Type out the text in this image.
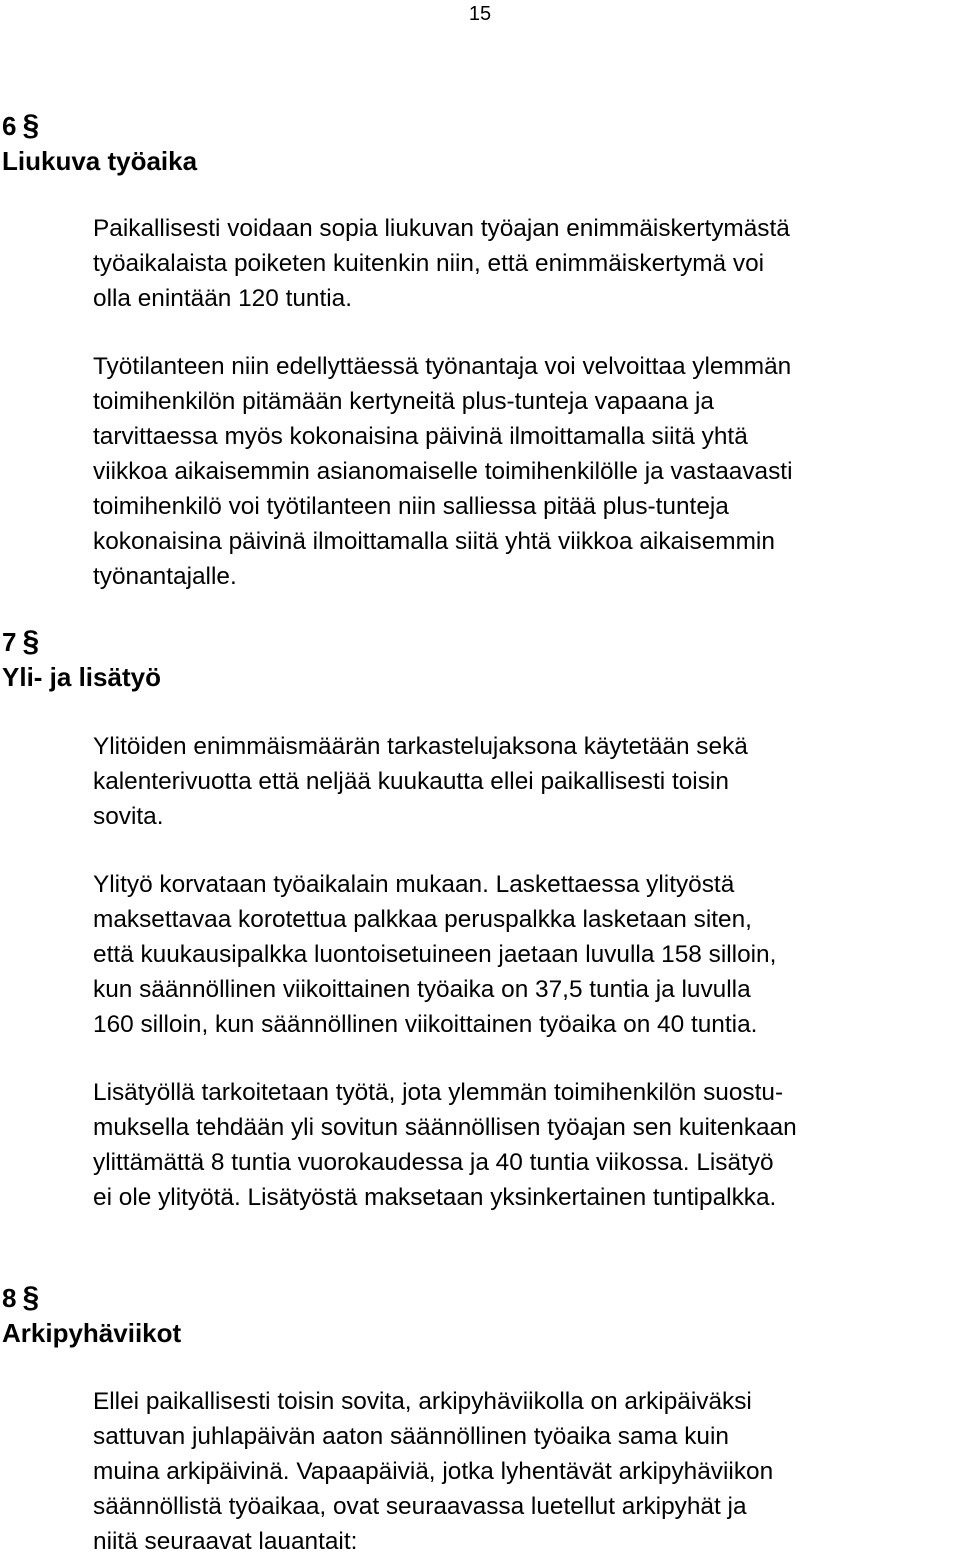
15
6 §
Liukuva työaika
Paikallisesti voidaan sopia liukuvan työajan enimmäiskertymästä
työaikalaista poiketen kuitenkin niin, että enimmäiskertymä voi
olla enintään 120 tuntia.
Työtilanteen niin edellyttäessä työnantaja voi velvoittaa ylemmän
toimihenkilön pitämään kertyneitä plus-tunteja vapaana ja
tarvittaessa myös kokonaisina päivinä ilmoittamalla siitä yhtä
viikkoa aikaisemmin asianomaiselle toimihenkilölle ja vastaavasti
toimihenkilö voi työtilanteen niin salliessa pitää plus-tunteja
kokonaisina päivinä ilmoittamalla siitä yhtä viikkoa aikaisemmin
työnantajalle.
7 §
Yli- ja lisätyö
Ylitöiden enimmäismäärän tarkastelujaksona käytetään sekä
kalenterivuotta että neljää kuukautta ellei paikallisesti toisin
sovita.
Ylityö korvataan työaikalain mukaan. Laskettaessa ylityöstä
maksettavaa korotettua palkkaa peruspalkka lasketaan siten,
että kuukausipalkka luontoisetuineen jaetaan luvulla 158 silloin,
kun säännöllinen viikoittainen työaika on 37,5 tuntia ja luvulla
160 silloin, kun säännöllinen viikoittainen työaika on 40 tuntia.
Lisätyöllä tarkoitetaan työtä, jota ylemmän toimihenkilön suostu-
muksella tehdään yli sovitun säännöllisen työajan sen kuitenkaan
ylittämättä 8 tuntia vuorokaudessa ja 40 tuntia viikossa. Lisätyö
ei ole ylityötä. Lisätyöstä maksetaan yksinkertainen tuntipalkka.
8 §
Arkipyhäviikot
Ellei paikallisesti toisin sovita, arkipyhäviikolla on arkipäiväksi
sattuvan juhlapäivän aaton säännöllinen työaika sama kuin
muina arkipäivinä. Vapaapäiviä, jotka lyhentävät arkipyhäviikon
säännöllistä työaikaa, ovat seuraavassa luetellut arkipyhät ja
niitä seuraavat lauantait:
